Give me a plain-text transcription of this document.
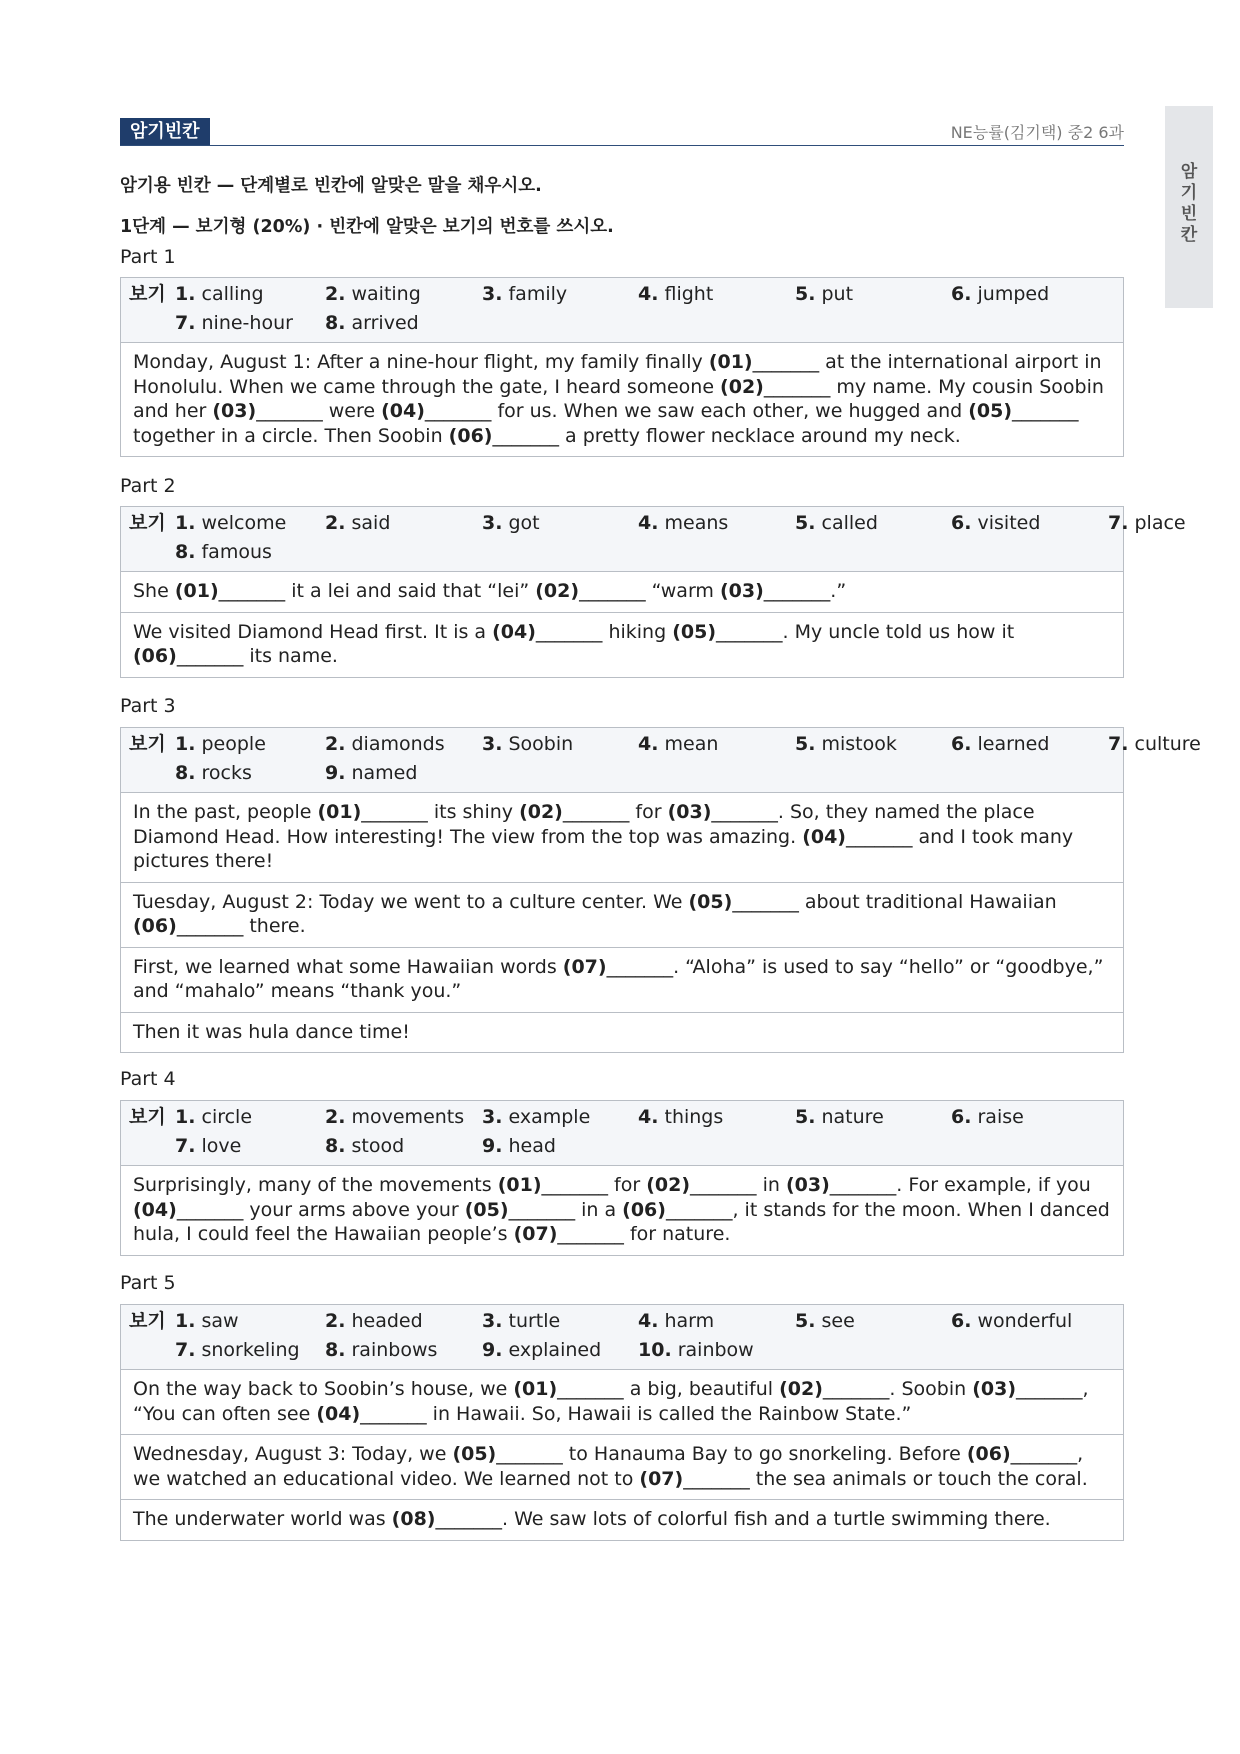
암기빈칸	NE능률(김기택) 중2 6과
암
기
빈
칸
암기용 빈칸 — 단계별로 빈칸에 알맞은 말을 채우시오.
1단계 — 보기형 (20%) · 빈칸에 알맞은 보기의 번호를 쓰시오.
Part 1
보기 1. calling	2. waiting	3. family	4. flight	5. put	6. jumped
7. nine-hour 8. arrived
Monday, August 1: After a nine-hour flight, my family finally (01)_______ at the international airport in Honolulu. When we came through the gate, I heard someone (02)_______ my name. My cousin Soobin and her (03)_______ were (04)_______ for us. When we saw each other, we hugged and (05)_______ together in a circle. Then Soobin (06)_______ a pretty flower necklace around my neck.
Part 2
보기 1. welcome 2. said	3. got	4. means	5. called	6. visited	7. place
8. famous
She (01)_______ it a lei and said that “lei” (02)_______ “warm (03)_______.”
We visited Diamond Head first. It is a (04)_______ hiking (05)_______. My uncle told us how it (06)_______ its name.
Part 3
보기 1. people	2. diamonds 3. Soobin	4. mean	5. mistook	6. learned	7. culture
8. rocks	9. named
In the past, people (01)_______ its shiny (02)_______ for (03)_______. So, they named the place Diamond Head. How interesting! The view from the top was amazing. (04)_______ and I took many pictures there!
Tuesday, August 2: Today we went to a culture center. We (05)_______ about traditional Hawaiian (06)_______ there.
First, we learned what some Hawaiian words (07)_______. “Aloha” is used to say “hello” or “goodbye,” and “mahalo” means “thank you.”
Then it was hula dance time!
Part 4
보기 1. circle	2. movements 3. example	4. things	5. nature	6. raise
7. love	8. stood	9. head
Surprisingly, many of the movements (01)_______ for (02)_______ in (03)_______. For example, if you (04)_______ your arms above your (05)_______ in a (06)_______, it stands for the moon. When I danced hula, I could feel the Hawaiian people’s (07)_______ for nature.
Part 5
보기 1. saw	2. headed	3. turtle	4. harm	5. see	6. wonderful
7. snorkeling 8. rainbows 9. explained 10. rainbow
On the way back to Soobin’s house, we (01)_______ a big, beautiful (02)_______. Soobin (03)_______, “You can often see (04)_______ in Hawaii. So, Hawaii is called the Rainbow State.”
Wednesday, August 3: Today, we (05)_______ to Hanauma Bay to go snorkeling. Before (06)_______, we watched an educational video. We learned not to (07)_______ the sea animals or touch the coral.
The underwater world was (08)_______. We saw lots of colorful fish and a turtle swimming there.
